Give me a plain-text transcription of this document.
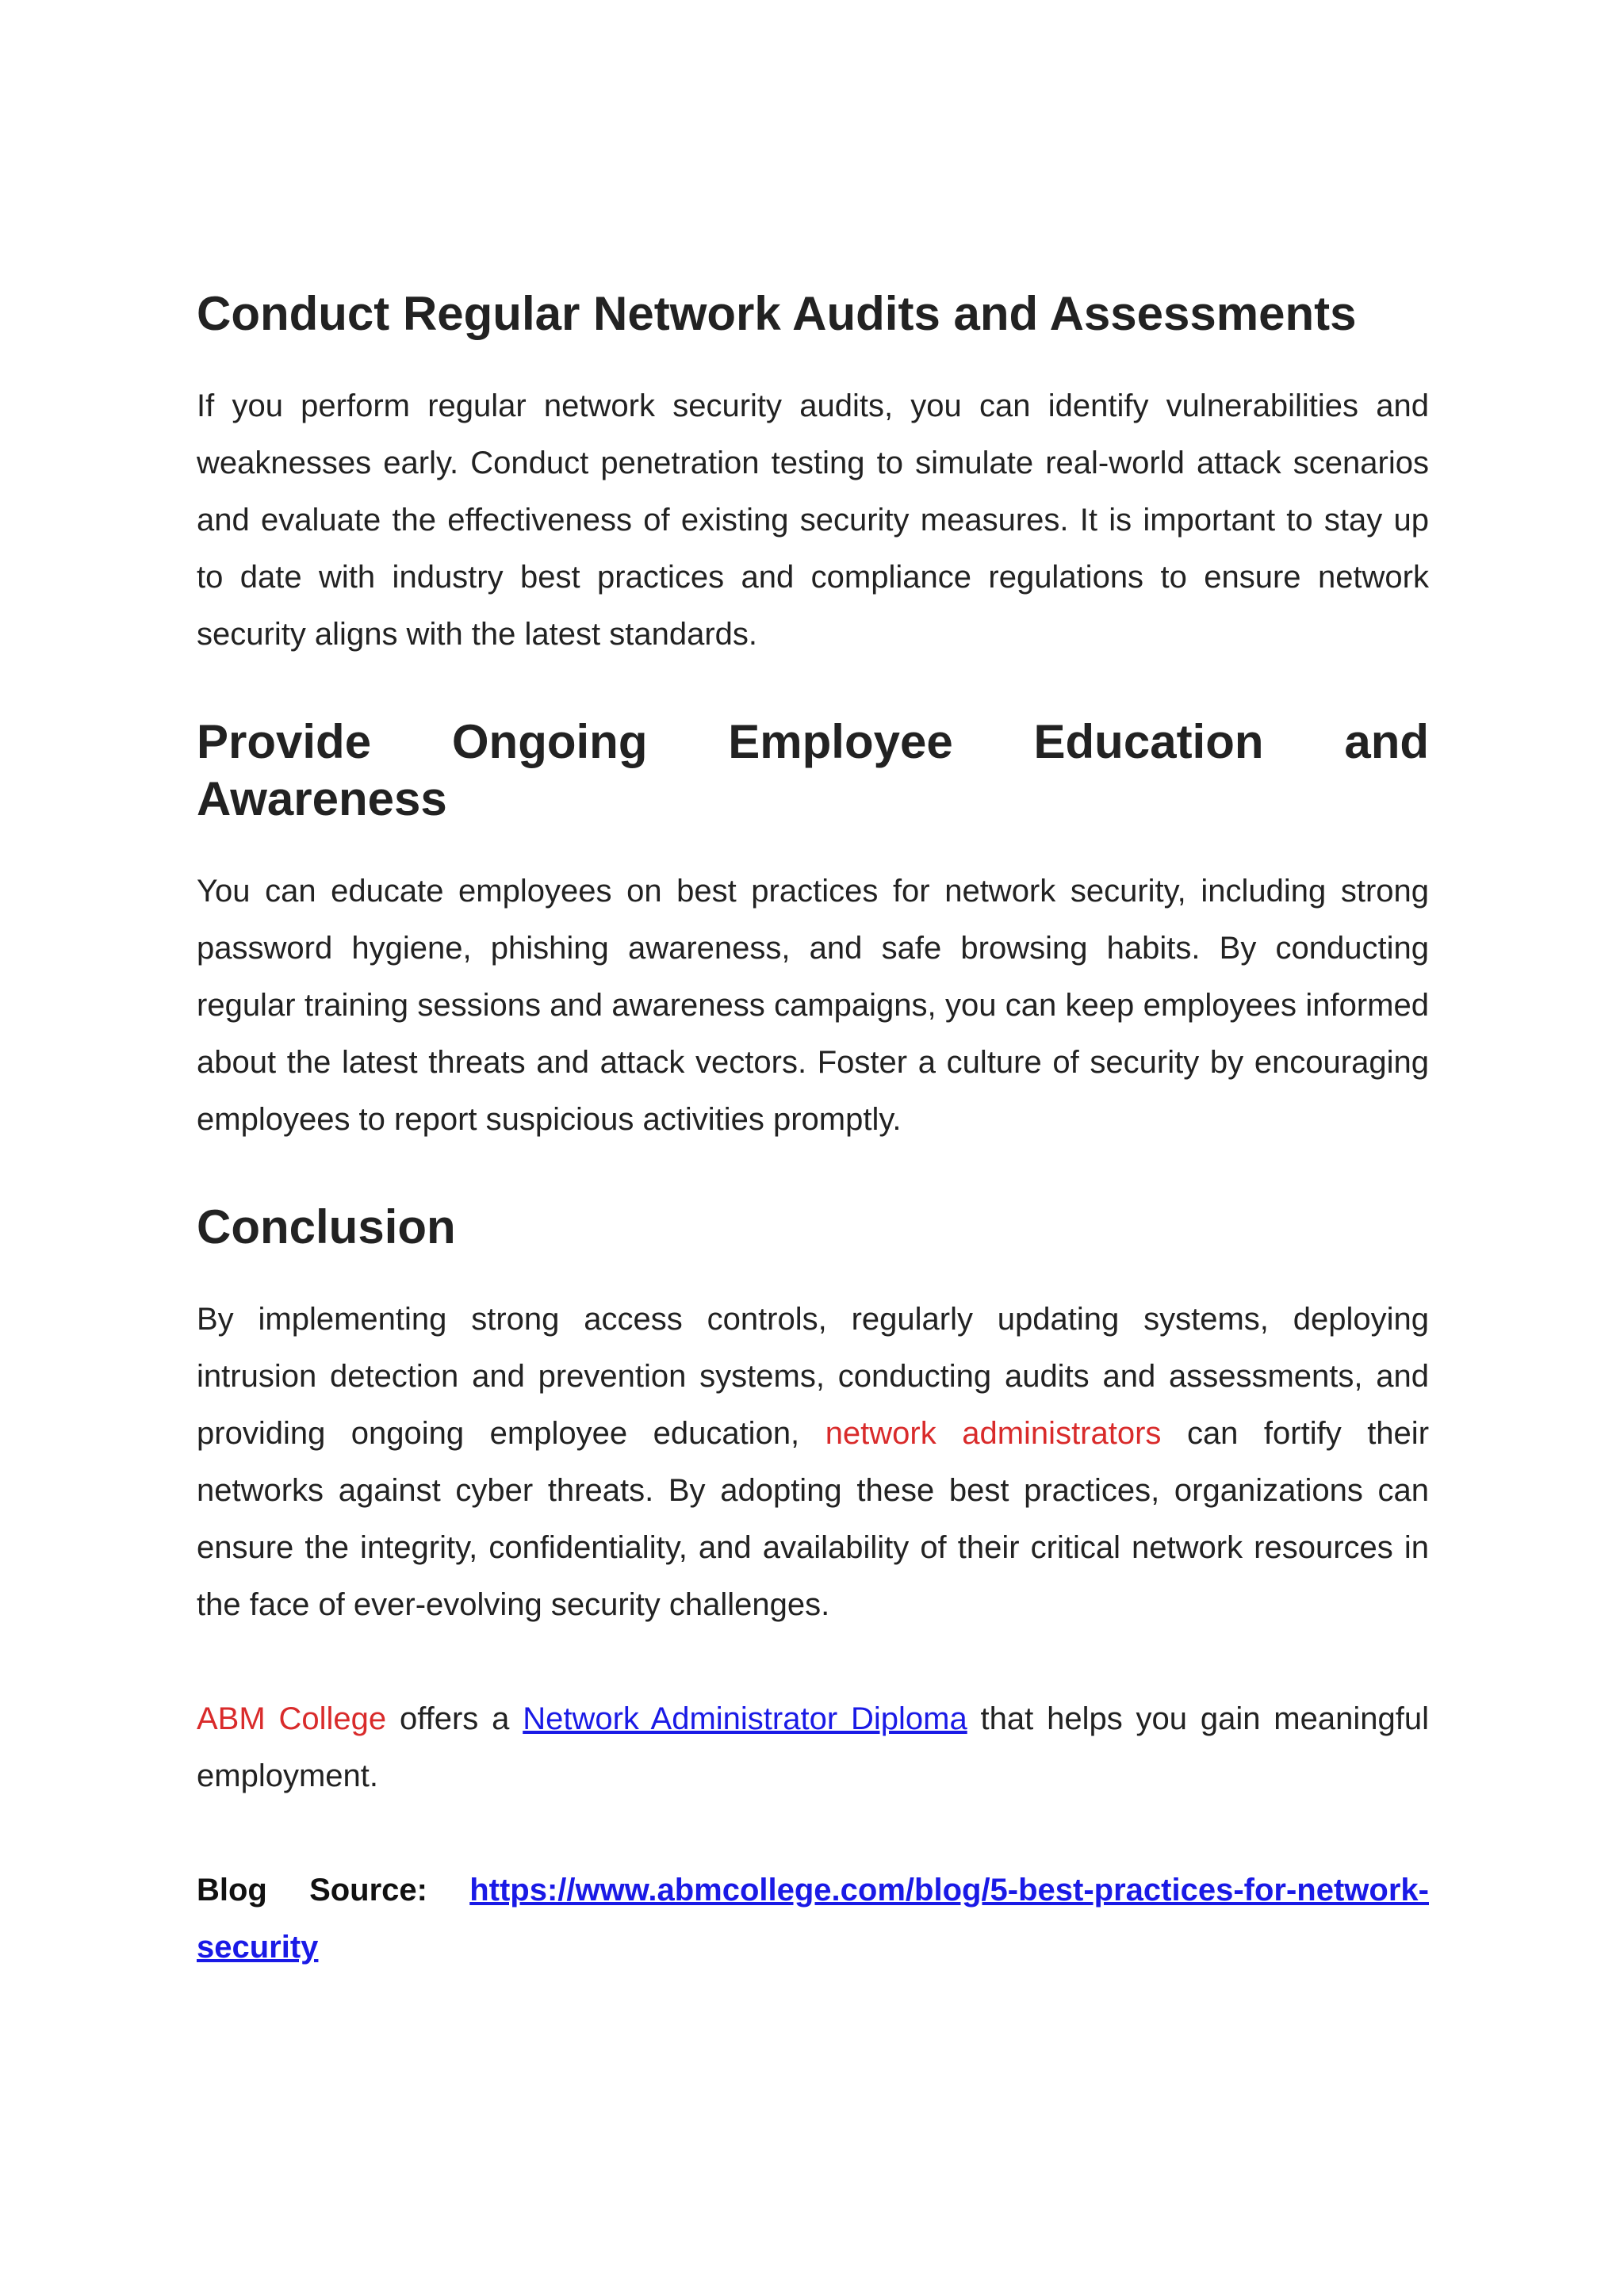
Conduct Regular Network Audits and Assessments

If you perform regular network security audits, you can identify vulnerabilities and weaknesses early. Conduct penetration testing to simulate real-world attack scenarios and evaluate the effectiveness of existing security measures. It is important to stay up to date with industry best practices and compliance regulations to ensure network security aligns with the latest standards.

Provide Ongoing Employee Education and
Awareness

You can educate employees on best practices for network security, including strong password hygiene, phishing awareness, and safe browsing habits. By conducting regular training sessions and awareness campaigns, you can keep employees informed about the latest threats and attack vectors. Foster a culture of security by encouraging employees to report suspicious activities promptly.

Conclusion

By implementing strong access controls, regularly updating systems, deploying intrusion detection and prevention systems, conducting audits and assessments, and providing ongoing employee education, network administrators can fortify their networks against cyber threats. By adopting these best practices, organizations can ensure the integrity, confidentiality, and availability of their critical network resources in the face of ever-evolving security challenges.

ABM College offers a Network Administrator Diploma that helps you gain meaningful employment.

Blog Source: https://www.abmcollege.com/blog/5-best-practices-for-network-security
